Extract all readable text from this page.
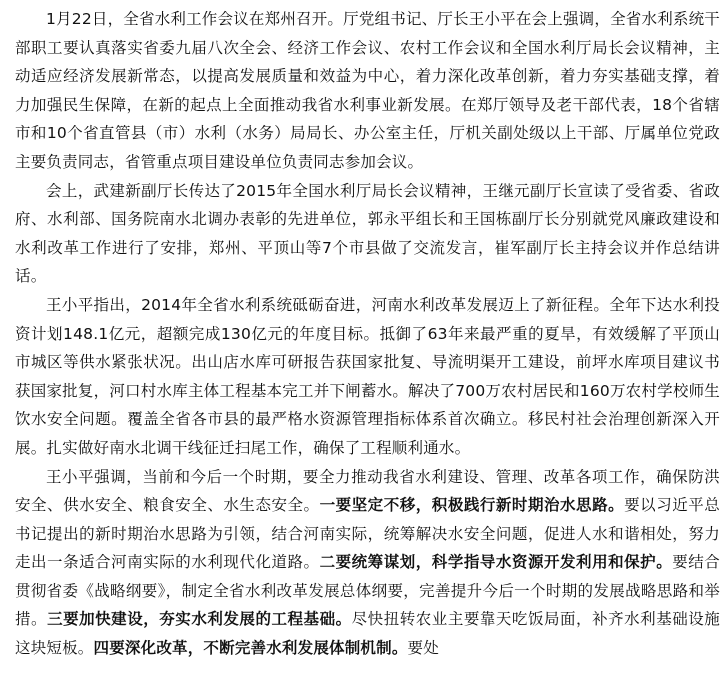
1月22日，全省水利工作会议在郑州召开。厅党组书记、厅长王小平在会上强调，全省水利系统干部职工要认真落实省委九届八次全会、经济工作会议、农村工作会议和全国水利厅局长会议精神，主动适应经济发展新常态，以提高发展质量和效益为中心，着力深化改革创新，着力夯实基础支撑，着力加强民生保障，在新的起点上全面推动我省水利事业新发展。在郑厅领导及老干部代表，18个省辖市和10个省直管县（市）水利（水务）局局长、办公室主任，厅机关副处级以上干部、厅属单位党政主要负责同志，省管重点项目建设单位负责同志参加会议。

会上，武建新副厅长传达了2015年全国水利厅局长会议精神，王继元副厅长宣读了受省委、省政府、水利部、国务院南水北调办表彰的先进单位，郭永平组长和王国栋副厅长分别就党风廉政建设和水利改革工作进行了安排，郑州、平顶山等7个市县做了交流发言，崔军副厅长主持会议并作总结讲话。

王小平指出，2014年全省水利系统砥砺奋进，河南水利改革发展迈上了新征程。全年下达水利投资计划148.1亿元，超额完成130亿元的年度目标。抵御了63年来最严重的夏旱，有效缓解了平顶山市城区等供水紧张状况。出山店水库可研报告获国家批复、导流明渠开工建设，前坪水库项目建议书获国家批复，河口村水库主体工程基本完工并下闸蓄水。解决了700万农村居民和160万农村学校师生饮水安全问题。覆盖全省各市县的最严格水资源管理指标体系首次确立。移民村社会治理创新深入开展。扎实做好南水北调干线征迁扫尾工作，确保了工程顺利通水。

王小平强调，当前和今后一个时期，要全力推动我省水利建设、管理、改革各项工作，确保防洪安全、供水安全、粮食安全、水生态安全。一要坚定不移，积极践行新时期治水思路。要以习近平总书记提出的新时期治水思路为引领，结合河南实际，统筹解决水安全问题，促进人水和谐相处，努力走出一条适合河南实际的水利现代化道路。二要统筹谋划，科学指导水资源开发利用和保护。要结合贯彻省委《战略纲要》，制定全省水利改革发展总体纲要，完善提升今后一个时期的发展战略思路和举措。三要加快建设，夯实水利发展的工程基础。尽快扭转农业主要靠天吃饭局面，补齐水利基础设施这块短板。四要深化改革，不断完善水利发展体制机制。要处
